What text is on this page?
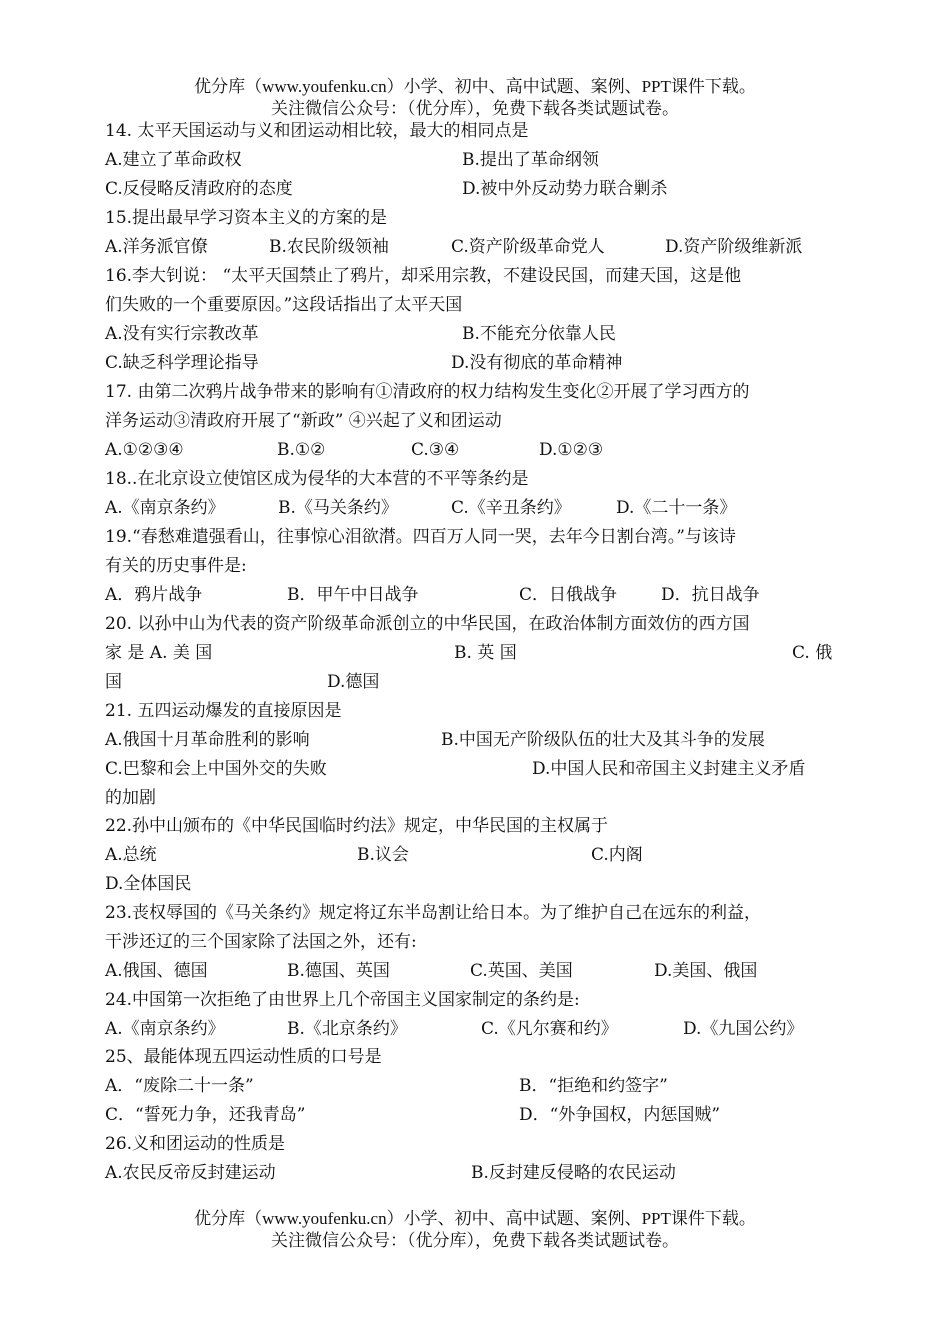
优分库（www.youfenku.cn）小学、初中、高中试题、案例、PPT课件下载。
关注微信公众号：（优分库），免费下载各类试题试卷。
14. 太平天国运动与义和团运动相比较，最大的相同点是
A.建立了革命政权	B.提出了革命纲领
C.反侵略反清政府的态度	D.被中外反动势力联合剿杀
15.提出最早学习资本主义的方案的是
A.洋务派官僚	B.农民阶级领袖	C.资产阶级革命党人	D.资产阶级维新派
16.李大钊说： “太平天国禁止了鸦片，却采用宗教，不建设民国，而建天国，这是他
们失败的一个重要原因。”这段话指出了太平天国
A.没有实行宗教改革	B.不能充分依靠人民
C.缺乏科学理论指导	D.没有彻底的革命精神
17. 由第二次鸦片战争带来的影响有①清政府的权力结构发生变化②开展了学习西方的
洋务运动③清政府开展了“新政” ④兴起了义和团运动
A.①②③④	B.①②	C.③④	D.①②③
18..在北京设立使馆区成为侵华的大本营的不平等条约是
A.《南京条约》	B.《马关条约》	C.《辛丑条约》	D.《二十一条》
19.“春愁难遣强看山，往事惊心泪欲潸。四百万人同一哭，去年今日割台湾。”与该诗
有关的历史事件是:
A．鸦片战争	B．甲午中日战争	C．日俄战争	D．抗日战争
20. 以孙中山为代表的资产阶级革命派创立的中华民国，在政治体制方面效仿的西方国
家 是 A. 美 国	B. 英 国	C. 俄
国	D.德国
21. 五四运动爆发的直接原因是
A.俄国十月革命胜利的影响	B.中国无产阶级队伍的壮大及其斗争的发展
C.巴黎和会上中国外交的失败	D.中国人民和帝国主义封建主义矛盾
的加剧
22.孙中山颁布的《中华民国临时约法》规定，中华民国的主权属于
A.总统	B.议会	C.内阁
D.全体国民
23.丧权辱国的《马关条约》规定将辽东半岛割让给日本。为了维护自己在远东的利益，
干涉还辽的三个国家除了法国之外，还有:
A.俄国、德国	B.德国、英国	C.英国、美国	D.美国、俄国
24.中国第一次拒绝了由世界上几个帝国主义国家制定的条约是:
A.《南京条约》	B.《北京条约》	C.《凡尔赛和约》	D.《九国公约》
25、最能体现五四运动性质的口号是
A．“废除二十一条”	B．“拒绝和约签字”
C．“誓死力争，还我青岛”	D．“外争国权，内惩国贼”
26.义和团运动的性质是
A.农民反帝反封建运动	B.反封建反侵略的农民运动
优分库（www.youfenku.cn）小学、初中、高中试题、案例、PPT课件下载。
关注微信公众号：（优分库），免费下载各类试题试卷。
